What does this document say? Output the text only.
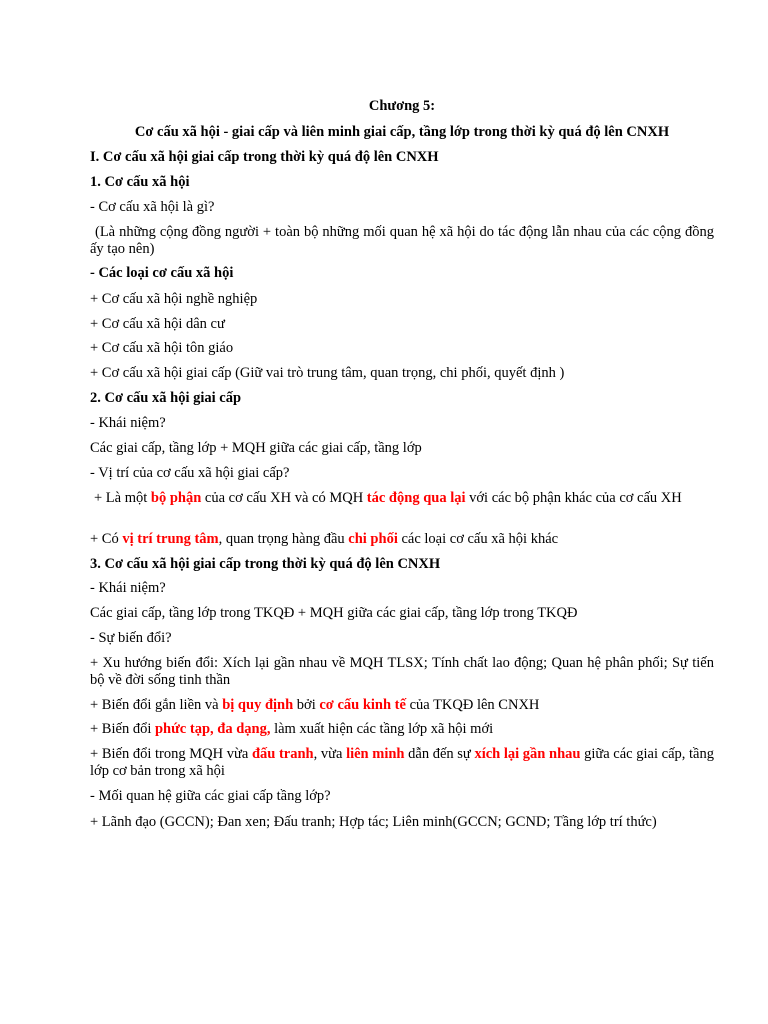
Chương 5:
Cơ cấu xã hội - giai cấp và liên minh giai cấp, tầng lớp trong thời kỳ quá độ lên CNXH
I. Cơ cấu xã hội giai cấp trong thời kỳ quá độ lên CNXH
1. Cơ cấu xã hội
- Cơ cấu xã hội là gì?
(Là những cộng đồng người + toàn bộ những mối quan hệ xã hội do tác động lẫn nhau của các cộng đồng ấy tạo nên)
- Các loại cơ cấu xã hội
+ Cơ cấu xã hội nghề nghiệp
+ Cơ cấu xã hội dân cư
+ Cơ cấu xã hội tôn giáo
+ Cơ cấu xã hội giai cấp (Giữ vai trò trung tâm, quan trọng, chi phối, quyết định )
2. Cơ cấu xã hội giai cấp
- Khái niệm?
Các giai cấp, tầng lớp + MQH giữa các giai cấp, tầng lớp
- Vị trí của cơ cấu xã hội giai cấp?
+ Là một bộ phận của cơ cấu XH và có MQH tác động qua lại với các bộ phận khác của cơ cấu XH
+ Có vị trí trung tâm, quan trọng hàng đầu chi phối các loại cơ cấu xã hội khác
3. Cơ cấu xã hội giai cấp trong thời kỳ quá độ lên CNXH
- Khái niệm?
Các giai cấp, tầng lớp trong TKQĐ + MQH giữa các giai cấp, tầng lớp trong TKQĐ
- Sự biến đổi?
+ Xu hướng biến đổi: Xích lại gần nhau về MQH TLSX; Tính chất lao động; Quan hệ phân phối; Sự tiến bộ về đời sống tinh thần
+ Biến đổi gắn liền và bị quy định bởi cơ cấu kinh tế của TKQĐ lên CNXH
+ Biến đổi phức tạp, đa dạng, làm xuất hiện các tầng lớp xã hội mới
+ Biến đổi trong MQH vừa đấu tranh, vừa liên minh dẫn đến sự xích lại gần nhau giữa các giai cấp, tầng lớp cơ bản trong xã hội
- Mối quan hệ giữa các giai cấp tầng lớp?
+ Lãnh đạo (GCCN); Đan xen; Đấu tranh; Hợp tác; Liên minh(GCCN; GCND; Tầng lớp trí thức)
